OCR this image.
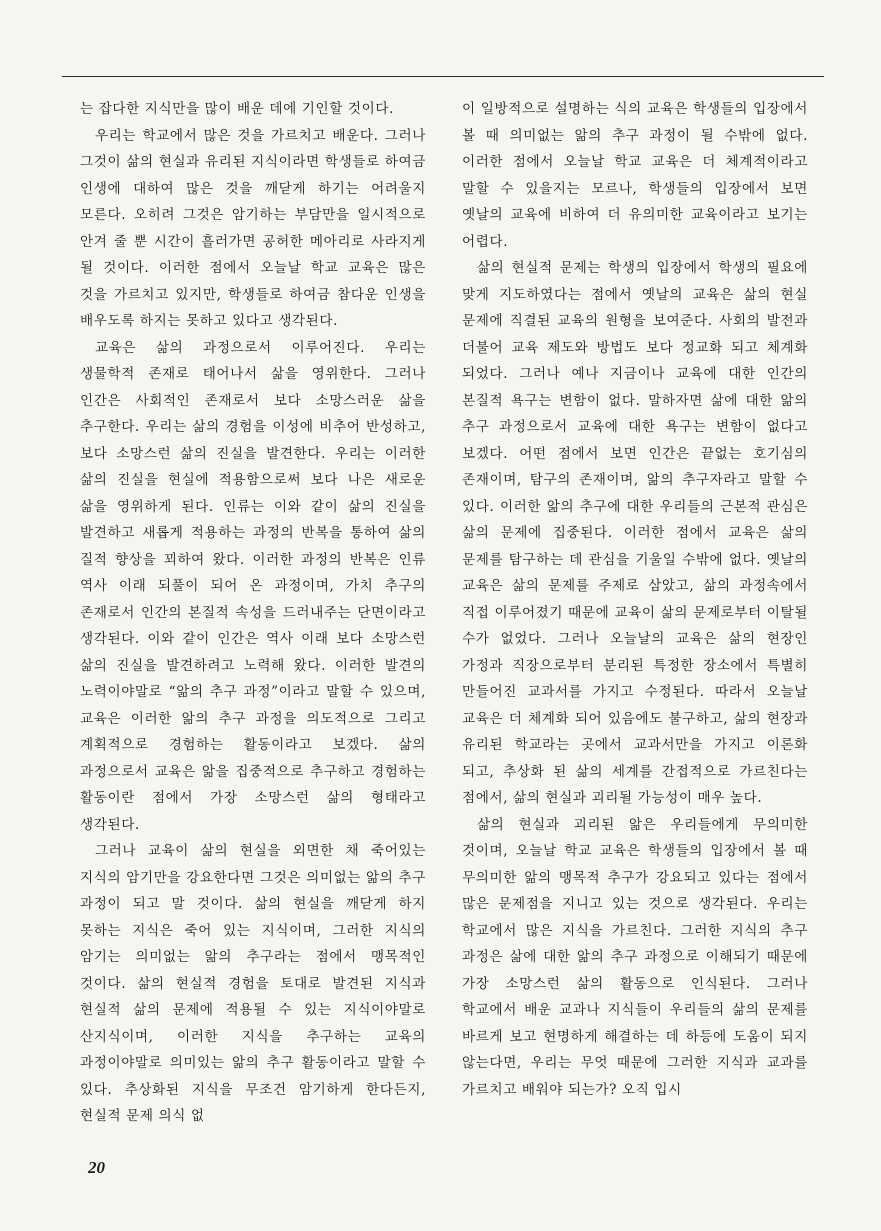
는 잡다한 지식만을 많이 배운 데에 기인할 것이다.

우리는 학교에서 많은 것을 가르치고 배운다. 그러나 그것이 삶의 현실과 유리된 지식이라면 학생들로 하여금 인생에 대하여 많은 것을 깨닫게 하기는 어려울지 모른다. 오히려 그것은 암기하는 부담만을 일시적으로 안겨 줄 뿐 시간이 흘러가면 공허한 메아리로 사라지게 될 것이다. 이러한 점에서 오늘날 학교 교육은 많은 것을 가르치고 있지만, 학생들로 하여금 참다운 인생을 배우도록 하지는 못하고 있다고 생각된다.

교육은 삶의 과정으로서 이루어진다. 우리는 생물학적 존재로 태어나서 삶을 영위한다. 그러나 인간은 사회적인 존재로서 보다 소망스러운 삶을 추구한다. 우리는 삶의 경험을 이성에 비추어 반성하고, 보다 소망스런 삶의 진실을 발견한다. 우리는 이러한 삶의 진실을 현실에 적용함으로써 보다 나은 새로운 삶을 영위하게 된다. 인류는 이와 같이 삶의 진실을 발견하고 새롭게 적용하는 과정의 반복을 통하여 삶의 질적 향상을 꾀하여 왔다. 이러한 과정의 반복은 인류 역사 이래 되풀이 되어 온 과정이며, 가치 추구의 존재로서 인간의 본질적 속성을 드러내주는 단면이라고 생각된다. 이와 같이 인간은 역사 이래 보다 소망스런 삶의 진실을 발견하려고 노력해 왔다. 이러한 발견의 노력이야말로 “앎의 추구 과정”이라고 말할 수 있으며, 교육은 이러한 앎의 추구 과정을 의도적으로 그리고 계획적으로 경험하는 활동이라고 보겠다. 삶의 과정으로서 교육은 앎을 집중적으로 추구하고 경험하는 활동이란 점에서 가장 소망스런 삶의 형태라고 생각된다.

그러나 교육이 삶의 현실을 외면한 채 죽어있는 지식의 암기만을 강요한다면 그것은 의미없는 앎의 추구 과정이 되고 말 것이다. 삶의 현실을 깨닫게 하지 못하는 지식은 죽어 있는 지식이며, 그러한 지식의 암기는 의미없는 앎의 추구라는 점에서 맹목적인 것이다. 삶의 현실적 경험을 토대로 발견된 지식과 현실적 삶의 문제에 적용될 수 있는 지식이야말로 산지식이며, 이러한 지식을 추구하는 교육의 과정이야말로 의미있는 앎의 추구 활동이라고 말할 수 있다. 추상화된 지식을 무조건 암기하게 한다든지, 현실적 문제 의식 없

이 일방적으로 설명하는 식의 교육은 학생들의 입장에서 볼 때 의미없는 앎의 추구 과정이 될 수밖에 없다. 이러한 점에서 오늘날 학교 교육은 더 체계적이라고 말할 수 있을지는 모르나, 학생들의 입장에서 보면 옛날의 교육에 비하여 더 유의미한 교육이라고 보기는 어렵다.

삶의 현실적 문제는 학생의 입장에서 학생의 필요에 맞게 지도하였다는 점에서 옛날의 교육은 삶의 현실 문제에 직결된 교육의 원형을 보여준다. 사회의 발전과 더불어 교육 제도와 방법도 보다 정교화 되고 체계화 되었다. 그러나 예나 지금이나 교육에 대한 인간의 본질적 욕구는 변함이 없다. 말하자면 삶에 대한 앎의 추구 과정으로서 교육에 대한 욕구는 변함이 없다고 보겠다. 어떤 점에서 보면 인간은 끝없는 호기심의 존재이며, 탐구의 존재이며, 앎의 추구자라고 말할 수 있다. 이러한 앎의 추구에 대한 우리들의 근본적 관심은 삶의 문제에 집중된다. 이러한 점에서 교육은 삶의 문제를 탐구하는 데 관심을 기울일 수밖에 없다. 옛날의 교육은 삶의 문제를 주제로 삼았고, 삶의 과정속에서 직접 이루어졌기 때문에 교육이 삶의 문제로부터 이탈될 수가 없었다. 그러나 오늘날의 교육은 삶의 현장인 가정과 직장으로부터 분리된 특정한 장소에서 특별히 만들어진 교과서를 가지고 수정된다. 따라서 오늘날 교육은 더 체계화 되어 있음에도 불구하고, 삶의 현장과 유리된 학교라는 곳에서 교과서만을 가지고 이론화 되고, 추상화 된 삶의 세계를 간접적으로 가르친다는 점에서, 삶의 현실과 괴리될 가능성이 매우 높다.

삶의 현실과 괴리된 앎은 우리들에게 무의미한 것이며, 오늘날 학교 교육은 학생들의 입장에서 볼 때 무의미한 앎의 맹목적 추구가 강요되고 있다는 점에서 많은 문제점을 지니고 있는 것으로 생각된다. 우리는 학교에서 많은 지식을 가르친다. 그러한 지식의 추구 과정은 삶에 대한 앎의 추구 과정으로 이해되기 때문에 가장 소망스런 삶의 활동으로 인식된다. 그러나 학교에서 배운 교과나 지식들이 우리들의 삶의 문제를 바르게 보고 현명하게 해결하는 데 하등에 도움이 되지 않는다면, 우리는 무엇 때문에 그러한 지식과 교과를 가르치고 배워야 되는가? 오직 입시

20
